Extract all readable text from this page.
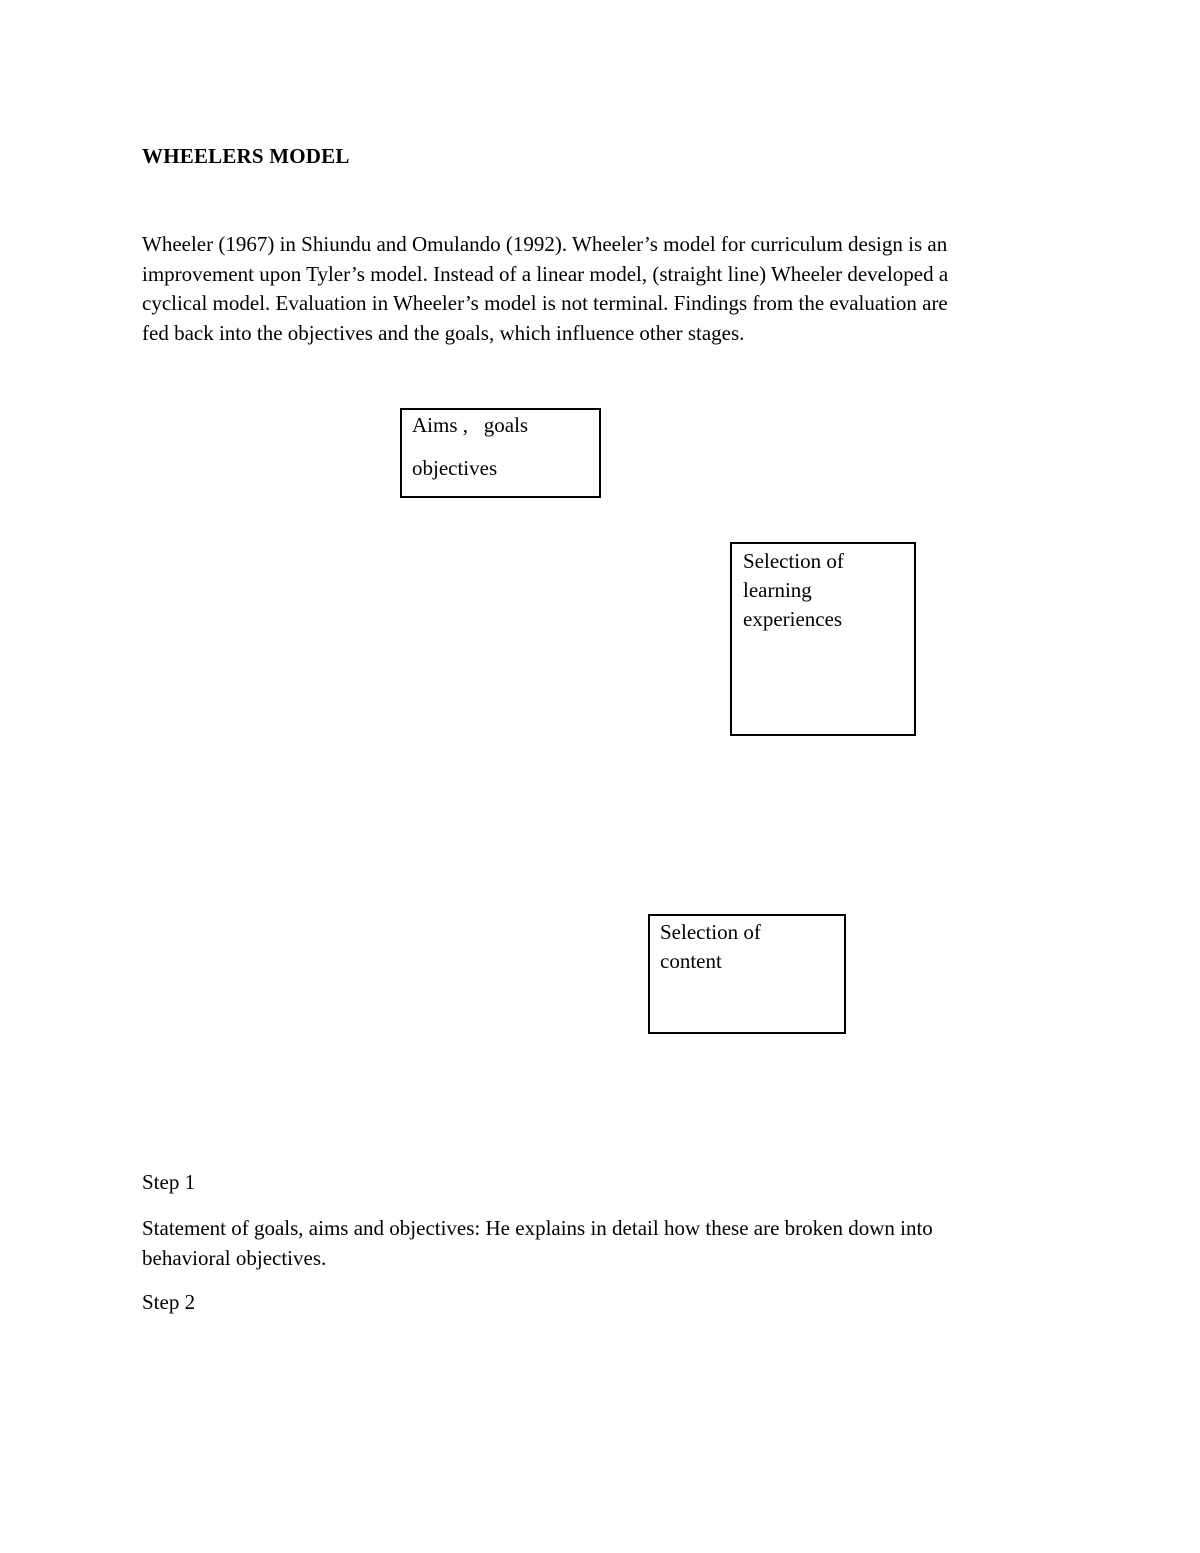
WHEELERS MODEL
Wheeler (1967) in Shiundu and Omulando (1992). Wheeler’s model for curriculum design is an
improvement upon Tyler’s model. Instead of a linear model, (straight line) Wheeler developed a
cyclical model. Evaluation in Wheeler’s model is not terminal. Findings from the evaluation are
fed back into the objectives and the goals, which influence other stages.
Aims ,   goals
objectives
Selection of
learning
experiences
Selection of
content
Step 1
Statement of goals, aims and objectives: He explains in detail how these are broken down into
behavioral objectives.
Step 2
